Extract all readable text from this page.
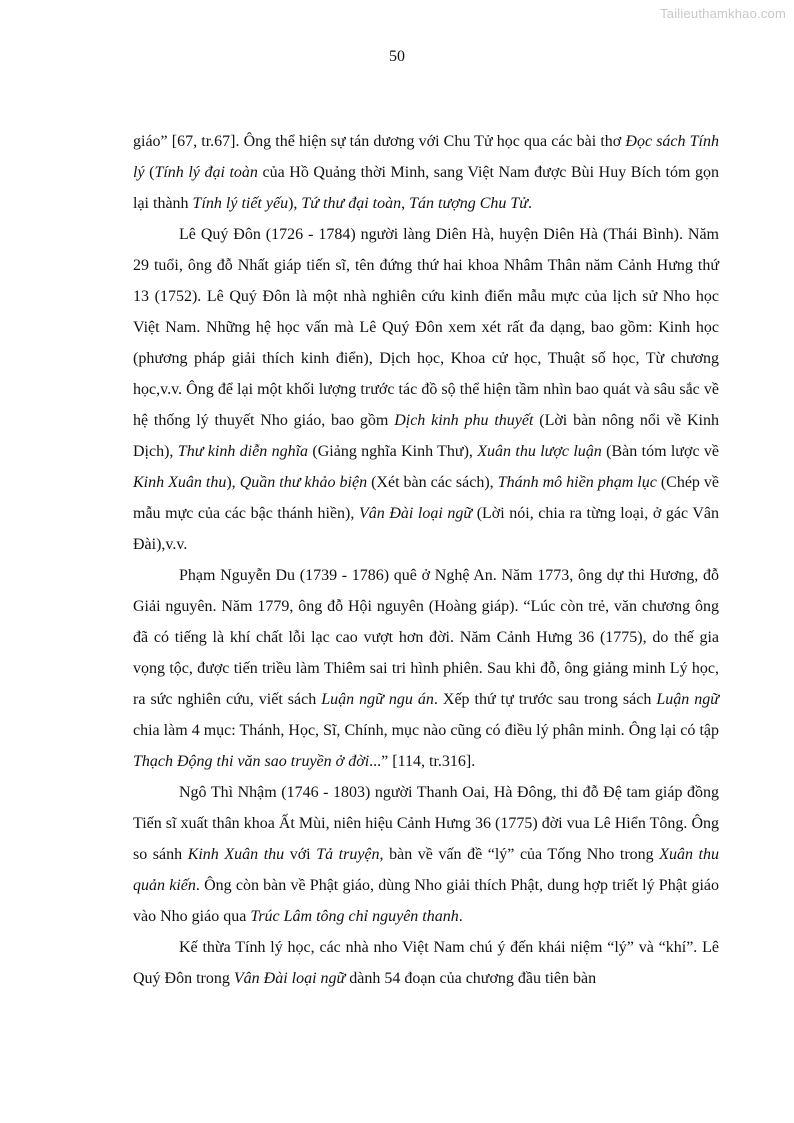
Tailieuthamkhao.com
50

giáo” [67, tr.67]. Ông thể hiện sự tán dương với Chu Tử học qua các bài thơ Đọc sách Tính lý (Tính lý đại toàn của Hồ Quảng thời Minh, sang Việt Nam được Bùi Huy Bích tóm gọn lại thành Tính lý tiết yếu), Tứ thư đại toàn, Tán tượng Chu Tử.

Lê Quý Đôn (1726 - 1784) người làng Diên Hà, huyện Diên Hà (Thái Bình). Năm 29 tuổi, ông đỗ Nhất giáp tiến sĩ, tên đứng thứ hai khoa Nhâm Thân năm Cảnh Hưng thứ 13 (1752). Lê Quý Đôn là một nhà nghiên cứu kinh điển mẫu mực của lịch sử Nho học Việt Nam. Những hệ học vấn mà Lê Quý Đôn xem xét rất đa dạng, bao gồm: Kinh học (phương pháp giải thích kinh điển), Dịch học, Khoa cử học, Thuật số học, Từ chương học,v.v. Ông để lại một khối lượng trước tác đồ sộ thể hiện tầm nhìn bao quát và sâu sắc về hệ thống lý thuyết Nho giáo, bao gồm Dịch kinh phu thuyết (Lời bàn nông nổi về Kinh Dịch), Thư kinh diễn nghĩa (Giảng nghĩa Kinh Thư), Xuân thu lược luận (Bàn tóm lược về Kinh Xuân thu), Quần thư khảo biện (Xét bàn các sách), Thánh mô hiền phạm lục (Chép về mẫu mực của các bậc thánh hiền), Vân Đài loại ngữ (Lời nói, chia ra từng loại, ở gác Vân Đài),v.v.

Phạm Nguyễn Du (1739 - 1786) quê ở Nghệ An. Năm 1773, ông dự thi Hương, đỗ Giải nguyên. Năm 1779, ông đỗ Hội nguyên (Hoàng giáp). “Lúc còn trẻ, văn chương ông đã có tiếng là khí chất lỗi lạc cao vượt hơn đời. Năm Cảnh Hưng 36 (1775), do thế gia vọng tộc, được tiến triều làm Thiêm sai tri hình phiên. Sau khi đỗ, ông giảng minh Lý học, ra sức nghiên cứu, viết sách Luận ngữ ngu án. Xếp thứ tự trước sau trong sách Luận ngữ chia làm 4 mục: Thánh, Học, Sĩ, Chính, mục nào cũng có điều lý phân minh. Ông lại có tập Thạch Động thi văn sao truyền ở đời...” [114, tr.316].

Ngô Thì Nhậm (1746 - 1803) người Thanh Oai, Hà Đông, thi đỗ Đệ tam giáp đồng Tiến sĩ xuất thân khoa Ất Mùi, niên hiệu Cảnh Hưng 36 (1775) đời vua Lê Hiển Tông. Ông so sánh Kinh Xuân thu với Tả truyện, bàn về vấn đề “lý” của Tống Nho trong Xuân thu quản kiến. Ông còn bàn về Phật giáo, dùng Nho giải thích Phật, dung hợp triết lý Phật giáo vào Nho giáo qua Trúc Lâm tông chỉ nguyên thanh.

Kế thừa Tính lý học, các nhà nho Việt Nam chú ý đến khái niệm “lý” và “khí”. Lê Quý Đôn trong Vân Đài loại ngữ dành 54 đoạn của chương đầu tiên bàn
